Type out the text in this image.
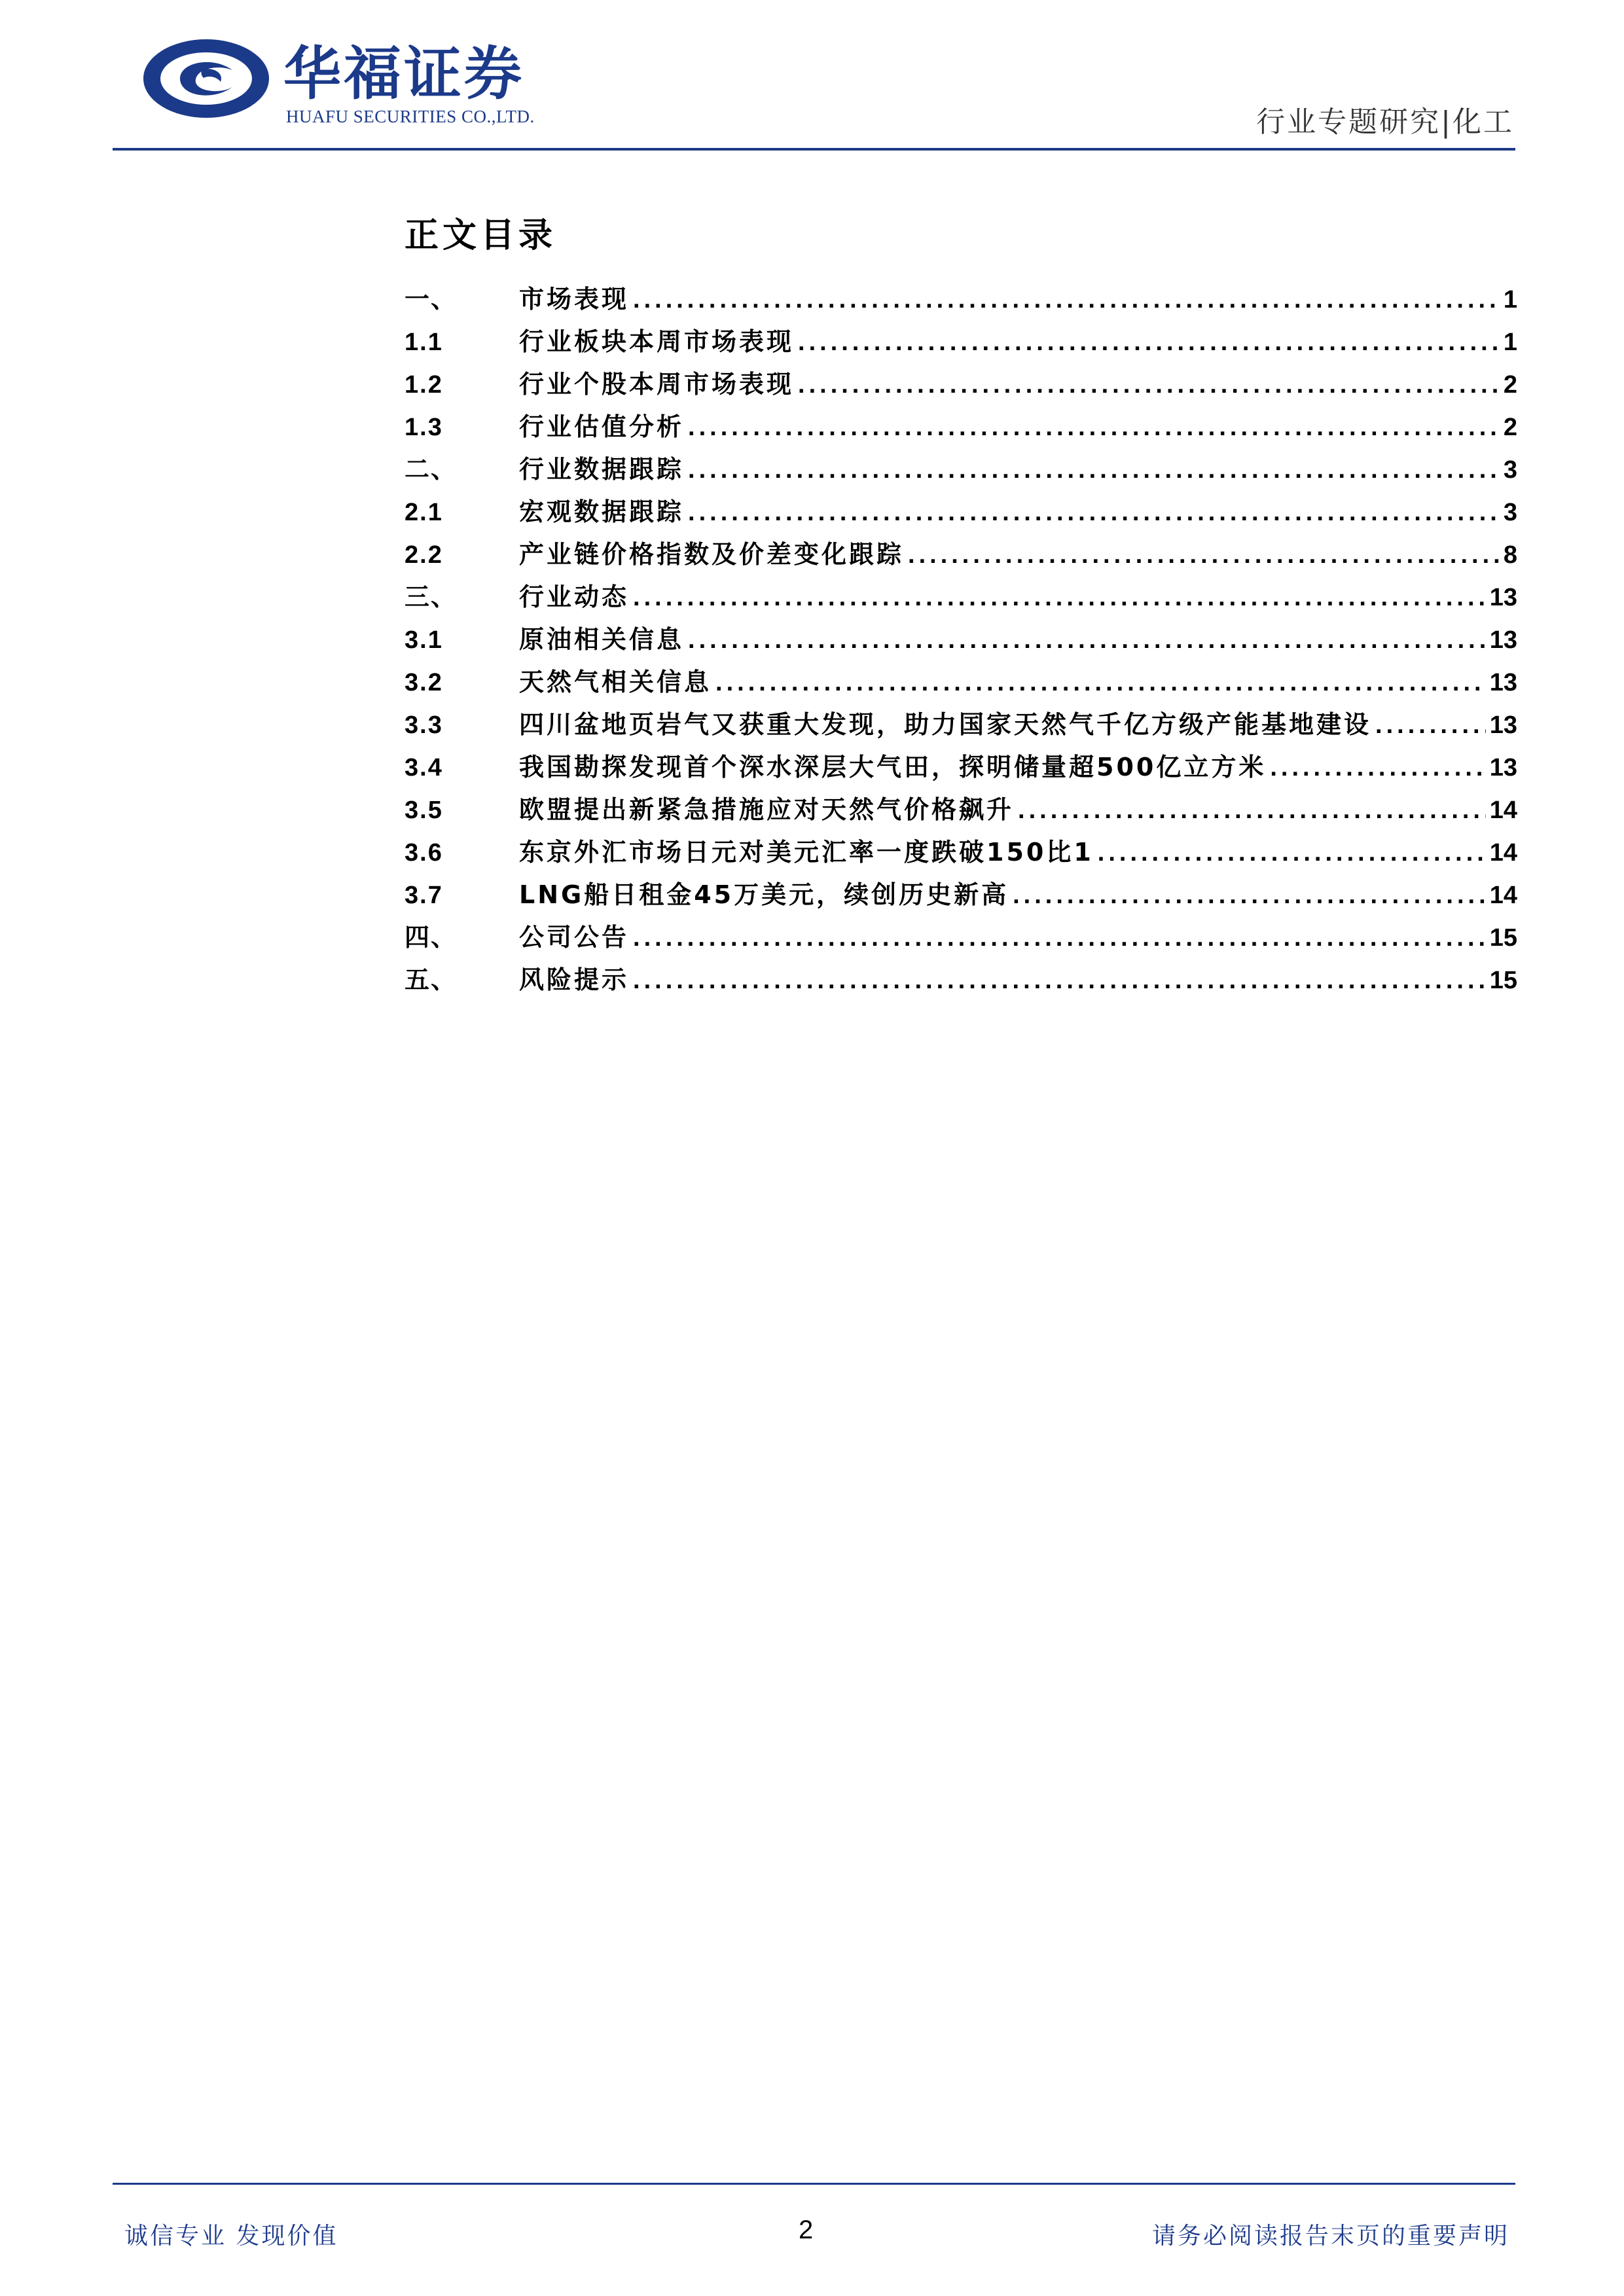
华福证券
HUAFU SECURITIES CO.,LTD.	行业专题研究|化工
正文目录
一、	市场表现 .....	1
1.1	行业板块本周市场表现 .....	1
1.2	行业个股本周市场表现 .....	2
1.3	行业估值分析 .....	2
二、	行业数据跟踪 .....	3
2.1	宏观数据跟踪 .....	3
2.2	产业链价格指数及价差变化跟踪 .....	8
三、	行业动态 .....	13
3.1	原油相关信息 .....	13
3.2	天然气相关信息 .....	13
3.3	四川盆地页岩气又获重大发现，助力国家天然气千亿方级产能基地建设 .....	13
3.4	我国勘探发现首个深水深层大气田，探明储量超500亿立方米 .....	13
3.5	欧盟提出新紧急措施应对天然气价格飙升 .....	14
3.6	东京外汇市场日元对美元汇率一度跌破150比1 .....	14
3.7	LNG船日租金45万美元，续创历史新高 .....	14
四、	公司公告 .....	15
五、	风险提示 .....	15
诚信专业 发现价值	2	请务必阅读报告末页的重要声明
